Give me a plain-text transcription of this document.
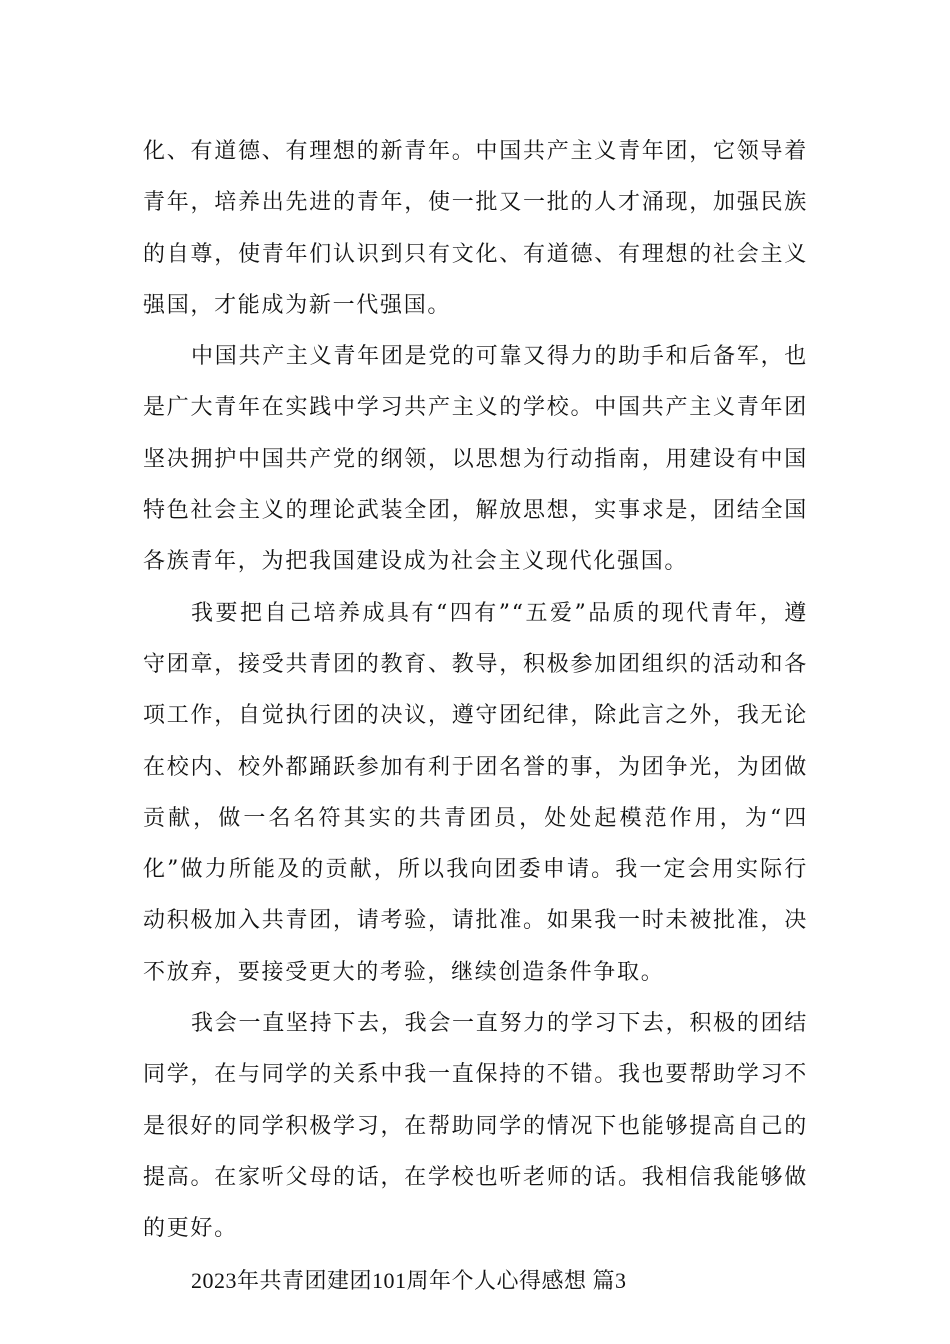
化、有道德、有理想的新青年。中国共产主义青年团，它领导着青年，培养出先进的青年，使一批又一批的人才涌现，加强民族的自尊，使青年们认识到只有文化、有道德、有理想的社会主义强国，才能成为新一代强国。

中国共产主义青年团是党的可靠又得力的助手和后备军，也是广大青年在实践中学习共产主义的学校。中国共产主义青年团坚决拥护中国共产党的纲领，以思想为行动指南，用建设有中国特色社会主义的理论武装全团，解放思想，实事求是，团结全国各族青年，为把我国建设成为社会主义现代化强国。

我要把自己培养成具有“四有”“五爱”品质的现代青年，遵守团章，接受共青团的教育、教导，积极参加团组织的活动和各项工作，自觉执行团的决议，遵守团纪律，除此言之外，我无论在校内、校外都踊跃参加有利于团名誉的事，为团争光，为团做贡献，做一名名符其实的共青团员，处处起模范作用，为“四化”做力所能及的贡献，所以我向团委申请。我一定会用实际行动积极加入共青团，请考验，请批准。如果我一时未被批准，决不放弃，要接受更大的考验，继续创造条件争取。

我会一直坚持下去，我会一直努力的学习下去，积极的团结同学，在与同学的关系中我一直保持的不错。我也要帮助学习不是很好的同学积极学习，在帮助同学的情况下也能够提高自己的提高。在家听父母的话，在学校也听老师的话。我相信我能够做的更好。

2023年共青团建团101周年个人心得感想 篇3
